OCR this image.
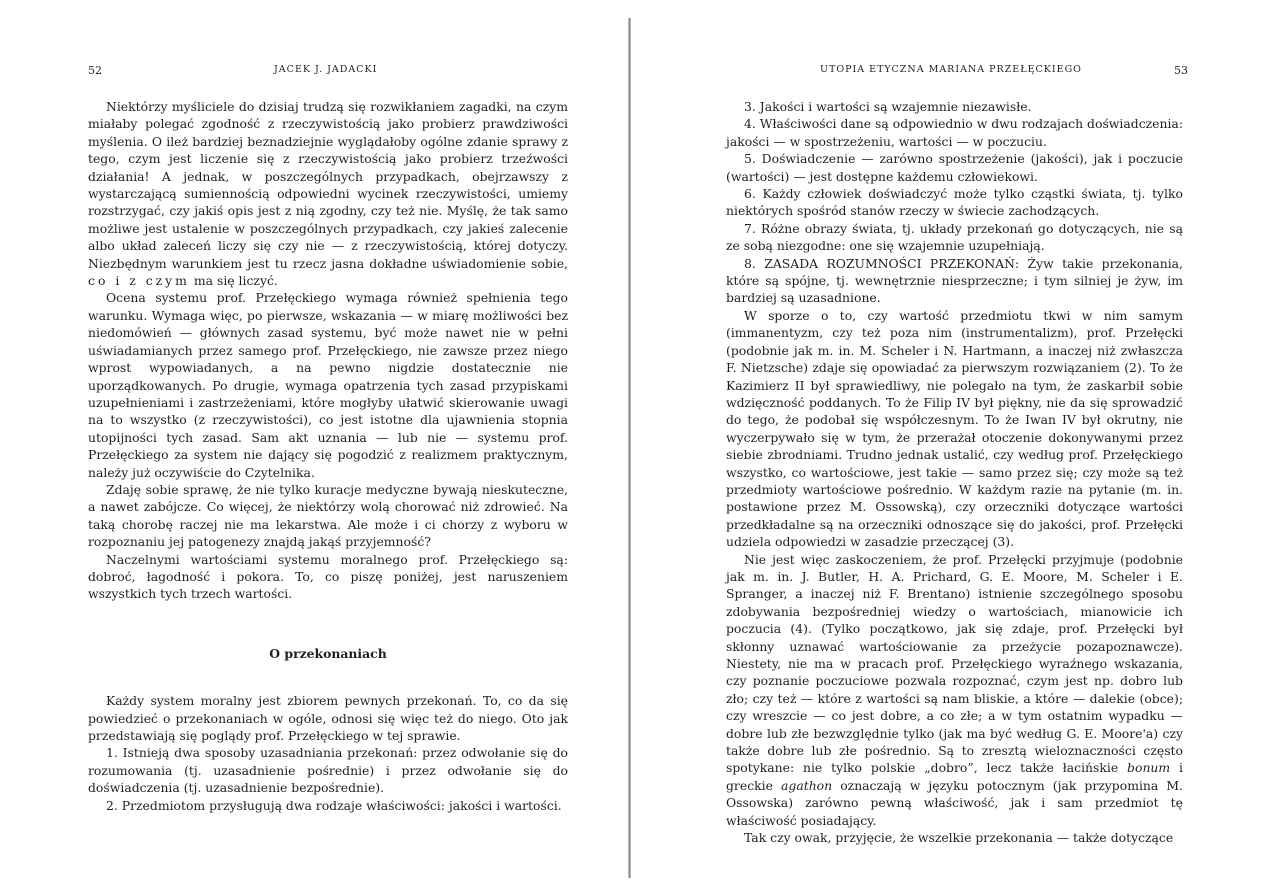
52	JACEK J. JADACKI

Niektórzy myśliciele do dzisiaj trudzą się rozwikłaniem zagadki, na czym miałaby polegać zgodność z rzeczywistością jako probierz prawdziwości myślenia. O ileż bardziej beznadziejnie wyglądałoby ogólne zdanie sprawy z tego, czym jest liczenie się z rzeczywistością jako probierz trzeźwości działania! A jednak, w poszczególnych przypadkach, obejrzawszy z wystarczającą sumiennością odpowiedni wycinek rzeczywistości, umiemy rozstrzygać, czy jakiś opis jest z nią zgodny, czy też nie. Myślę, że tak samo możliwe jest ustalenie w poszczególnych przypadkach, czy jakieś zalecenie albo układ zaleceń liczy się czy nie — z rzeczywistością, której dotyczy. Niezbędnym warunkiem jest tu rzecz jasna dokładne uświadomienie sobie, co i z czym ma się liczyć.

Ocena systemu prof. Przełęckiego wymaga również spełnienia tego warunku. Wymaga więc, po pierwsze, wskazania — w miarę możliwości bez niedomówień — głównych zasad systemu, być może nawet nie w pełni uświadamianych przez samego prof. Przełęckiego, nie zawsze przez niego wprost wypowiadanych, a na pewno nigdzie dostatecznie nie uporządkowanych. Po drugie, wymaga opatrzenia tych zasad przypiskami uzupełnieniami i zastrzeżeniami, które mogłyby ułatwić skierowanie uwagi na to wszystko (z rzeczywistości), co jest istotne dla ujawnienia stopnia utopijności tych zasad. Sam akt uznania — lub nie — systemu prof. Przełęckiego za system nie dający się pogodzić z realizmem praktycznym, należy już oczywiście do Czytelnika.

Zdaję sobie sprawę, że nie tylko kuracje medyczne bywają nieskuteczne, a nawet zabójcze. Co więcej, że niektórzy wolą chorować niż zdrowieć. Na taką chorobę raczej nie ma lekarstwa. Ale może i ci chorzy z wyboru w rozpoznaniu jej patogenezy znajdą jakąś przyjemność?

Naczelnymi wartościami systemu moralnego prof. Przełęckiego są: dobroć, łagodność i pokora. To, co piszę poniżej, jest naruszeniem wszystkich tych trzech wartości.

O przekonaniach

Każdy system moralny jest zbiorem pewnych przekonań. To, co da się powiedzieć o przekonaniach w ogóle, odnosi się więc też do niego. Oto jak przedstawiają się poglądy prof. Przełęckiego w tej sprawie.

1. Istnieją dwa sposoby uzasadniania przekonań: przez odwołanie się do rozumowania (tj. uzasadnienie pośrednie) i przez odwołanie się do doświadczenia (tj. uzasadnienie bezpośrednie).

2. Przedmiotom przysługują dwa rodzaje właściwości: jakości i wartości.

UTOPIA ETYCZNA MARIANA PRZEŁĘCKIEGO	53

3. Jakości i wartości są wzajemnie niezawisłe.

4. Właściwości dane są odpowiednio w dwu rodzajach doświadczenia: jakości — w spostrzeżeniu, wartości — w poczuciu.

5. Doświadczenie — zarówno spostrzeżenie (jakości), jak i poczucie (wartości) — jest dostępne każdemu człowiekowi.

6. Każdy człowiek doświadczyć może tylko cząstki świata, tj. tylko niektórych spośród stanów rzeczy w świecie zachodzących.

7. Różne obrazy świata, tj. układy przekonań go dotyczących, nie są ze sobą niezgodne: one się wzajemnie uzupełniają.

8. ZASADA ROZUMNOŚCI PRZEKONAŃ: Żyw takie przekonania, które są spójne, tj. wewnętrznie niesprzeczne; i tym silniej je żyw, im bardziej są uzasadnione.

W sporze o to, czy wartość przedmiotu tkwi w nim samym (immanentyzm, czy też poza nim (instrumentalizm), prof. Przełęcki (podobnie jak m. in. M. Scheler i N. Hartmann, a inaczej niż zwłaszcza F. Nietzsche) zdaje się opowiadać za pierwszym rozwiązaniem (2). To że Kazimierz II był sprawiedliwy, nie polegało na tym, że zaskarbił sobie wdzięczność poddanych. To że Filip IV był piękny, nie da się sprowadzić do tego, że podobał się współczesnym. To że Iwan IV był okrutny, nie wyczerpywało się w tym, że przerażał otoczenie dokonywanymi przez siebie zbrodniami. Trudno jednak ustalić, czy według prof. Przełęckiego wszystko, co wartościowe, jest takie — samo przez się; czy może są też przedmioty wartościowe pośrednio. W każdym razie na pytanie (m. in. postawione przez M. Ossowską), czy orzeczniki dotyczące wartości przedkładalne są na orzeczniki odnoszące się do jakości, prof. Przełęcki udziela odpowiedzi w zasadzie przeczącej (3).

Nie jest więc zaskoczeniem, że prof. Przełęcki przyjmuje (podobnie jak m. in. J. Butler, H. A. Prichard, G. E. Moore, M. Scheler i E. Spranger, a inaczej niż F. Brentano) istnienie szczególnego sposobu zdobywania bezpośredniej wiedzy o wartościach, mianowicie ich poczucia (4). (Tylko początkowo, jak się zdaje, prof. Przełęcki był skłonny uznawać wartościowanie za przeżycie pozapoznawcze). Niestety, nie ma w pracach prof. Przełęckiego wyraźnego wskazania, czy poznanie poczuciowe pozwala rozpoznać, czym jest np. dobro lub zło; czy też — które z wartości są nam bliskie, a które — dalekie (obce); czy wreszcie — co jest dobre, a co złe; a w tym ostatnim wypadku — dobre lub złe bezwzględnie tylko (jak ma być według G. E. Moore'a) czy także dobre lub złe pośrednio. Są to zresztą wieloznaczności często spotykane: nie tylko polskie „dobro”, lecz także łacińskie bonum i greckie agathon oznaczają w języku potocznym (jak przypomina M. Ossowska) zarówno pewną właściwość, jak i sam przedmiot tę właściwość posiadający.

Tak czy owak, przyjęcie, że wszelkie przekonania — także dotyczące
